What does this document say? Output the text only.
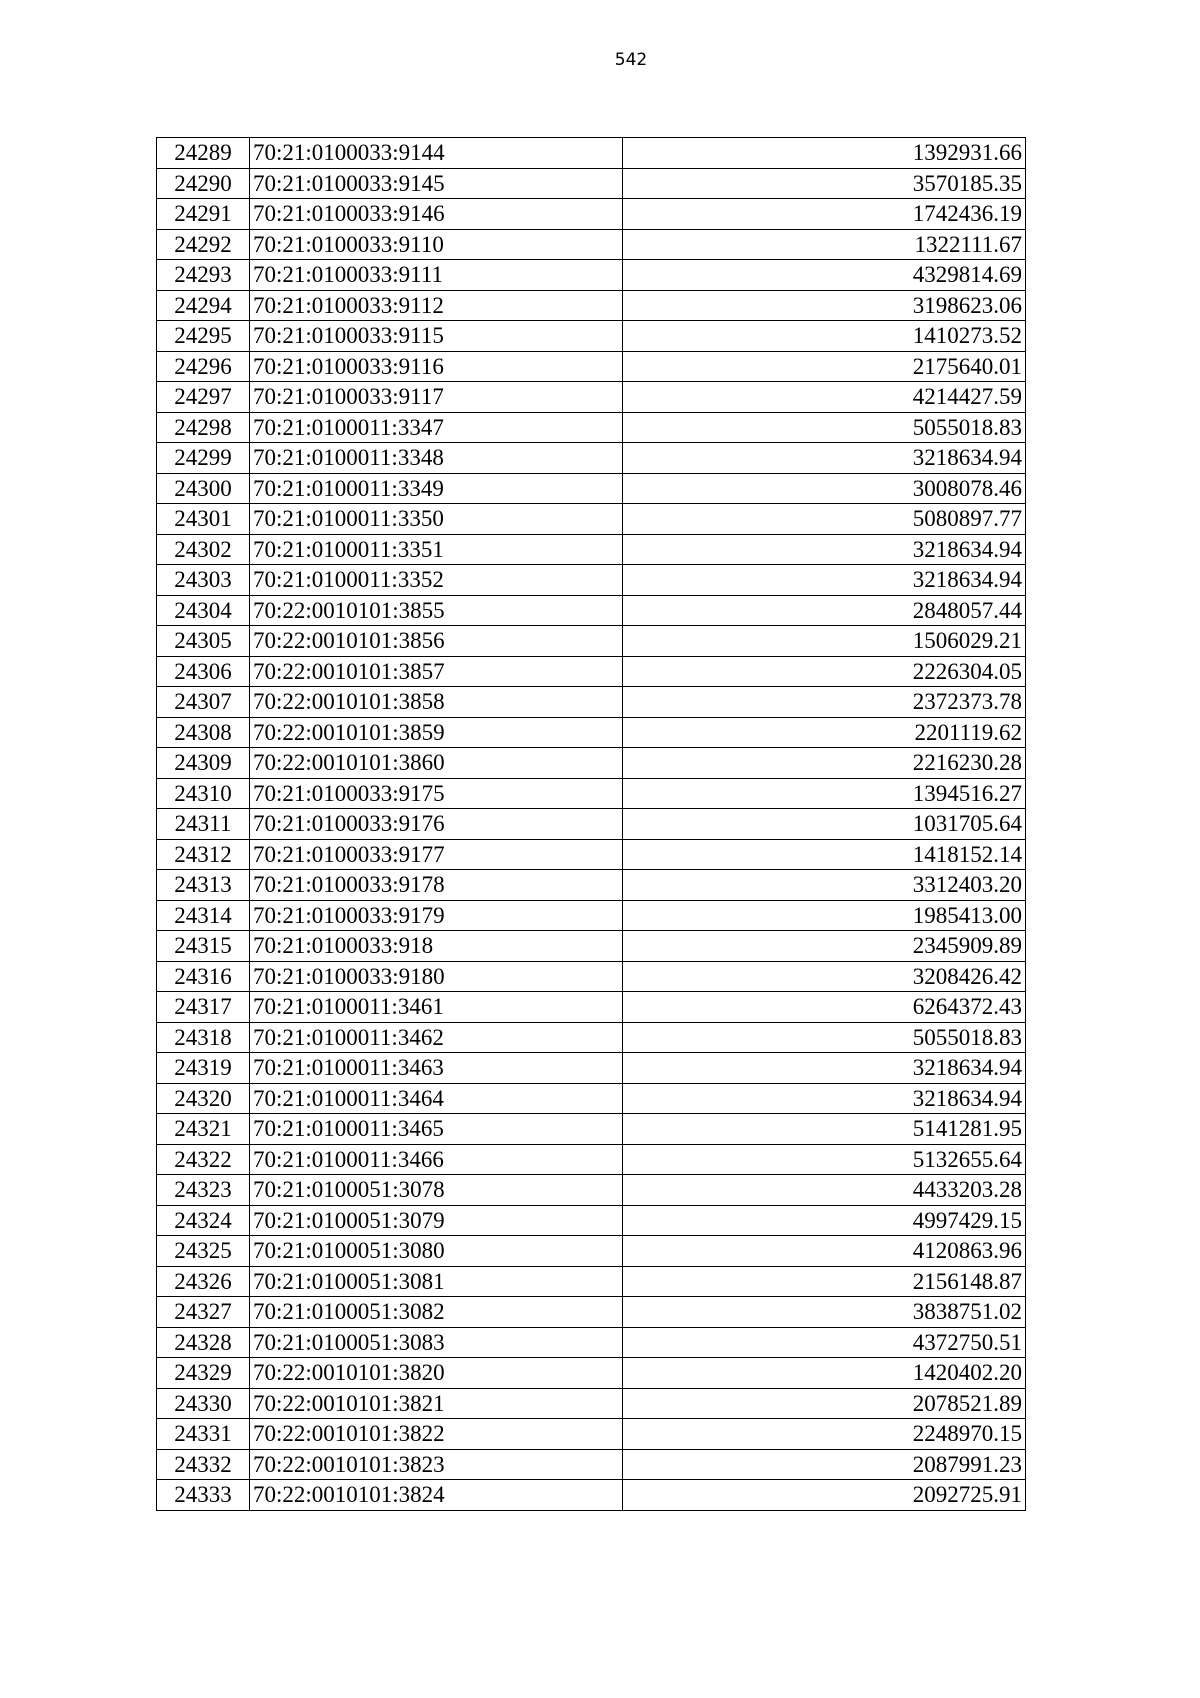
542
24289	70:21:0100033:9144	1392931.66
24290	70:21:0100033:9145	3570185.35
24291	70:21:0100033:9146	1742436.19
24292	70:21:0100033:9110	1322111.67
24293	70:21:0100033:9111	4329814.69
24294	70:21:0100033:9112	3198623.06
24295	70:21:0100033:9115	1410273.52
24296	70:21:0100033:9116	2175640.01
24297	70:21:0100033:9117	4214427.59
24298	70:21:0100011:3347	5055018.83
24299	70:21:0100011:3348	3218634.94
24300	70:21:0100011:3349	3008078.46
24301	70:21:0100011:3350	5080897.77
24302	70:21:0100011:3351	3218634.94
24303	70:21:0100011:3352	3218634.94
24304	70:22:0010101:3855	2848057.44
24305	70:22:0010101:3856	1506029.21
24306	70:22:0010101:3857	2226304.05
24307	70:22:0010101:3858	2372373.78
24308	70:22:0010101:3859	2201119.62
24309	70:22:0010101:3860	2216230.28
24310	70:21:0100033:9175	1394516.27
24311	70:21:0100033:9176	1031705.64
24312	70:21:0100033:9177	1418152.14
24313	70:21:0100033:9178	3312403.20
24314	70:21:0100033:9179	1985413.00
24315	70:21:0100033:918	2345909.89
24316	70:21:0100033:9180	3208426.42
24317	70:21:0100011:3461	6264372.43
24318	70:21:0100011:3462	5055018.83
24319	70:21:0100011:3463	3218634.94
24320	70:21:0100011:3464	3218634.94
24321	70:21:0100011:3465	5141281.95
24322	70:21:0100011:3466	5132655.64
24323	70:21:0100051:3078	4433203.28
24324	70:21:0100051:3079	4997429.15
24325	70:21:0100051:3080	4120863.96
24326	70:21:0100051:3081	2156148.87
24327	70:21:0100051:3082	3838751.02
24328	70:21:0100051:3083	4372750.51
24329	70:22:0010101:3820	1420402.20
24330	70:22:0010101:3821	2078521.89
24331	70:22:0010101:3822	2248970.15
24332	70:22:0010101:3823	2087991.23
24333	70:22:0010101:3824	2092725.91
